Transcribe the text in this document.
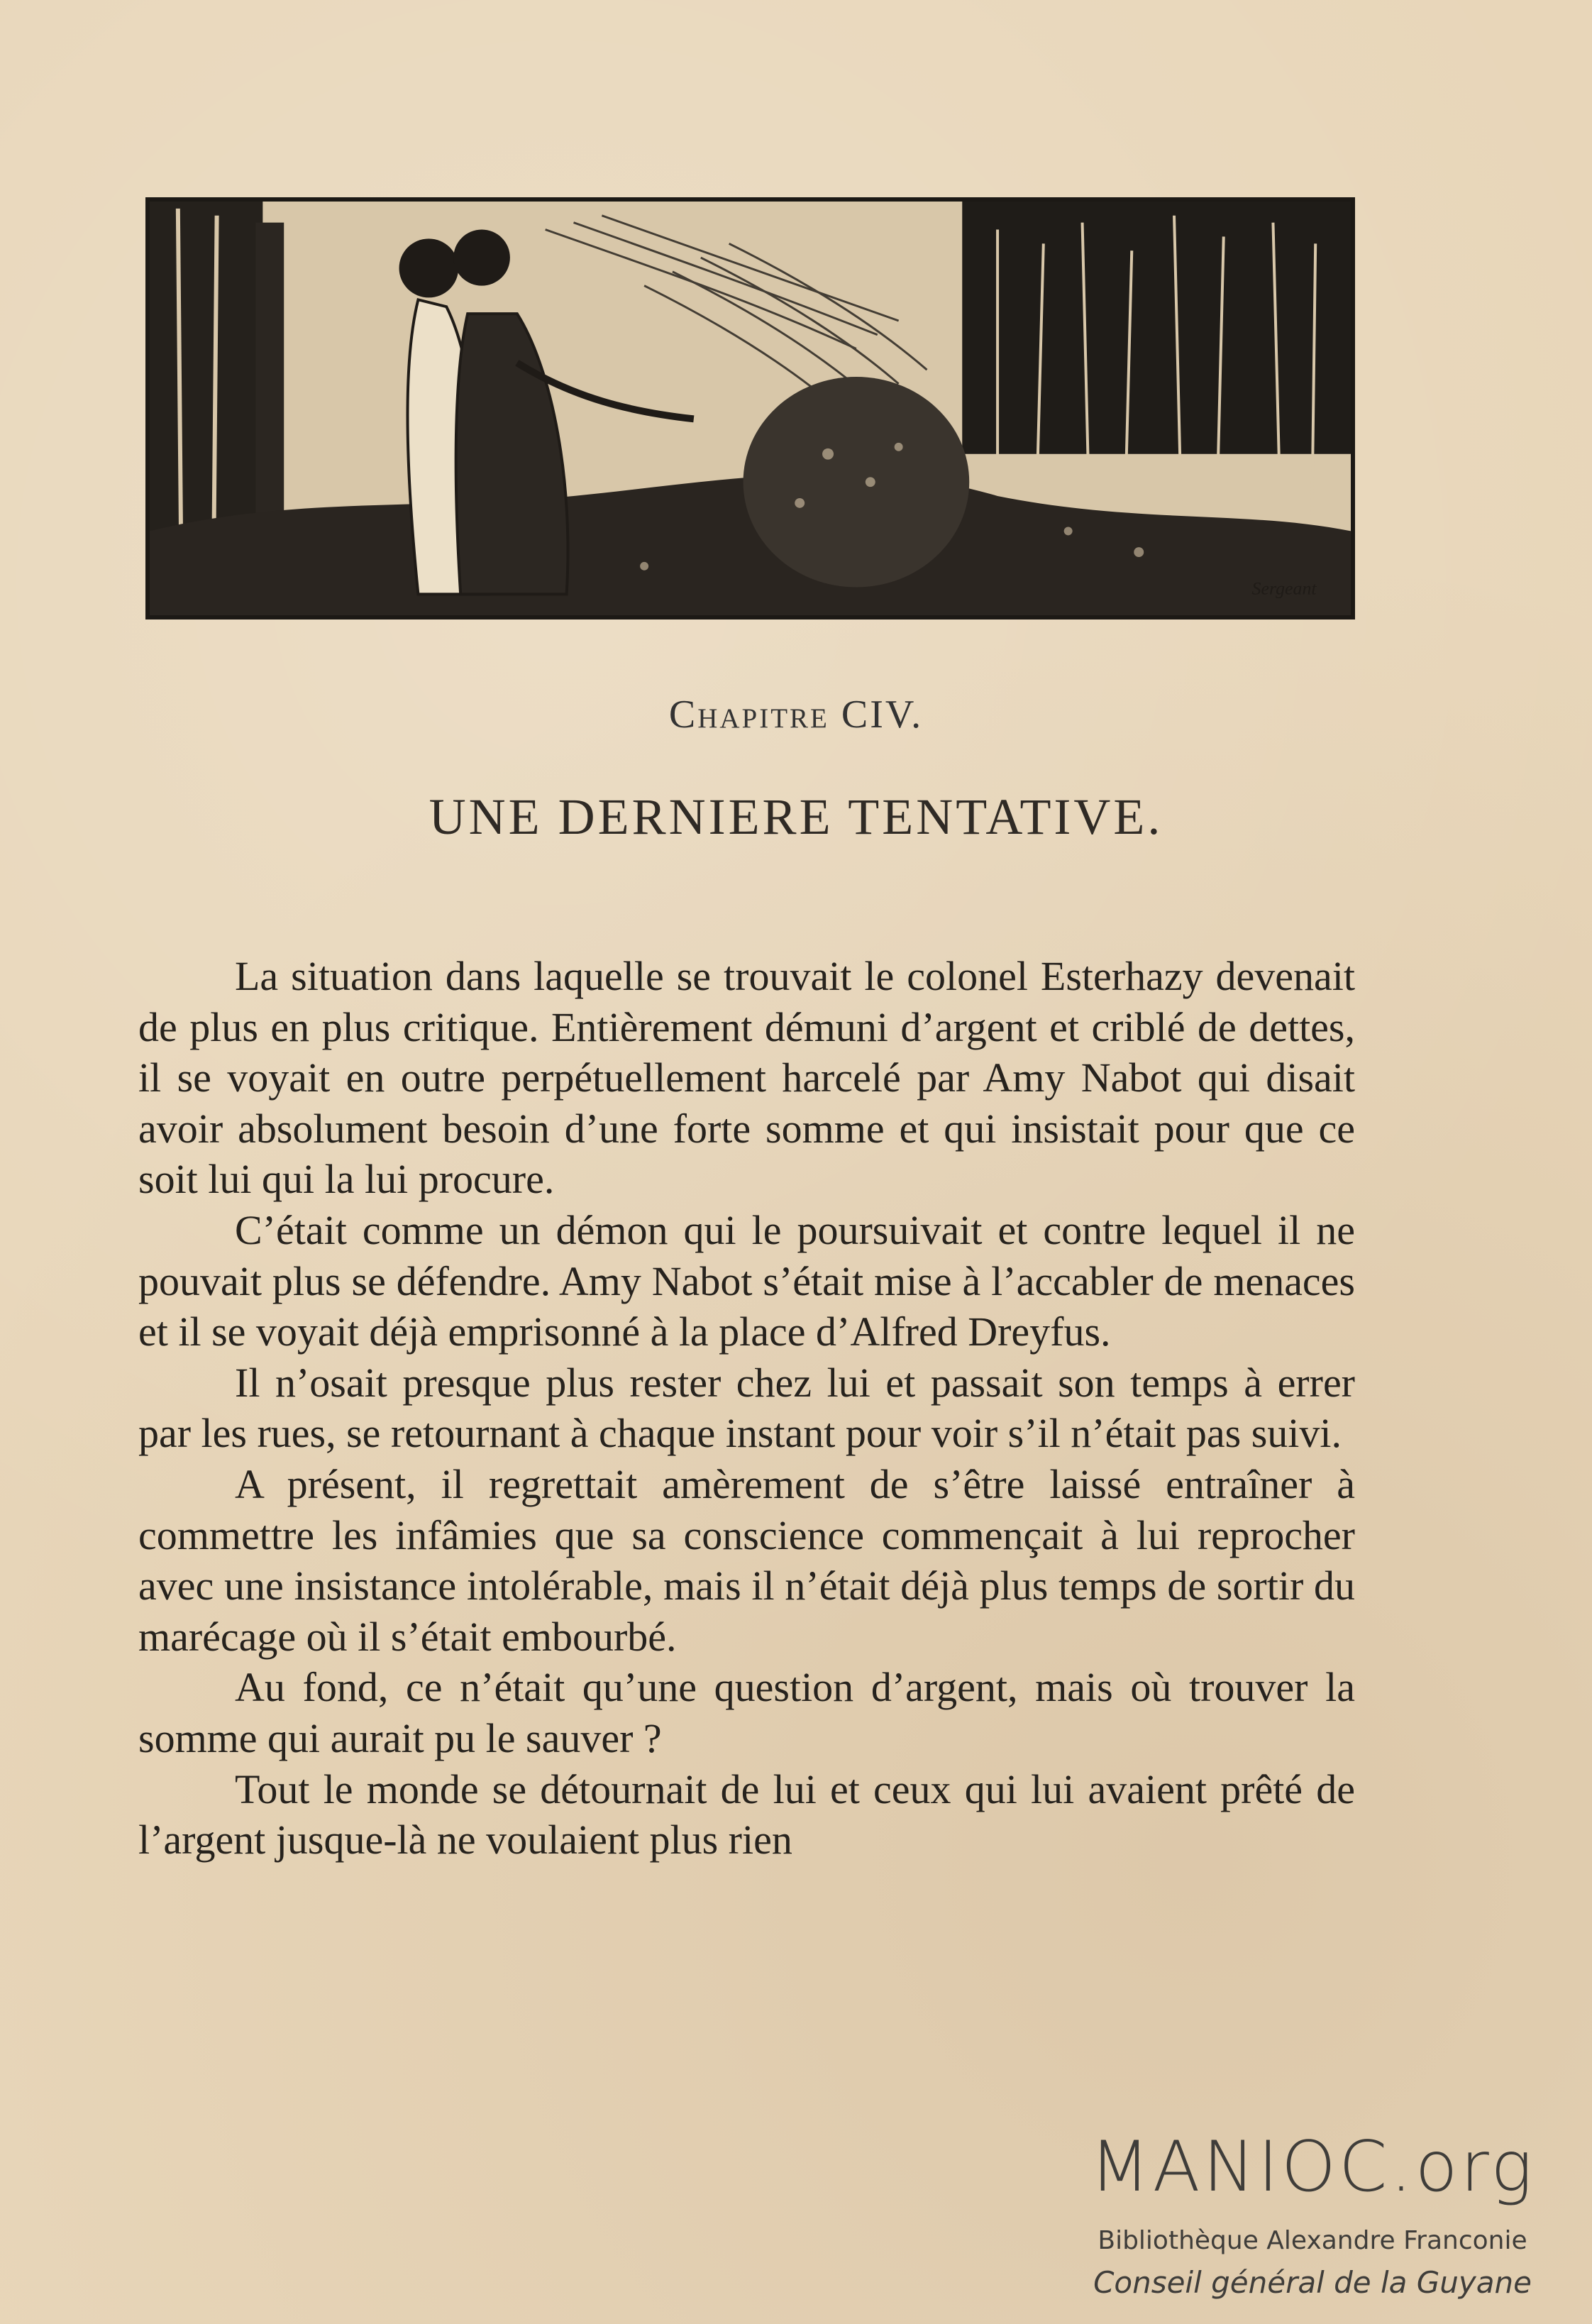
Sergeant
Chapitre CIV.
UNE DERNIERE TENTATIVE.

La situation dans laquelle se trouvait le colonel Esterhazy devenait de plus en plus critique. Entièrement démuni d’argent et criblé de dettes, il se voyait en outre perpétuellement harcelé par Amy Nabot qui disait avoir absolument besoin d’une forte somme et qui insistait pour que ce soit lui qui la lui procure.

C’était comme un démon qui le poursuivait et contre lequel il ne pouvait plus se défendre. Amy Nabot s’était mise à l’accabler de menaces et il se voyait déjà emprisonné à la place d’Alfred Dreyfus.

Il n’osait presque plus rester chez lui et passait son temps à errer par les rues, se retournant à chaque instant pour voir s’il n’était pas suivi.

A présent, il regrettait amèrement de s’être laissé entraîner à commettre les infâmies que sa conscience commençait à lui reprocher avec une insistance intolérable, mais il n’était déjà plus temps de sortir du marécage où il s’était embourbé.

Au fond, ce n’était qu’une question d’argent, mais où trouver la somme qui aurait pu le sauver ?

Tout le monde se détournait de lui et ceux qui lui avaient prêté de l’argent jusque-là ne voulaient plus rien

MANIOC.org
Bibliothèque Alexandre Franconie
Conseil général de la Guyane
